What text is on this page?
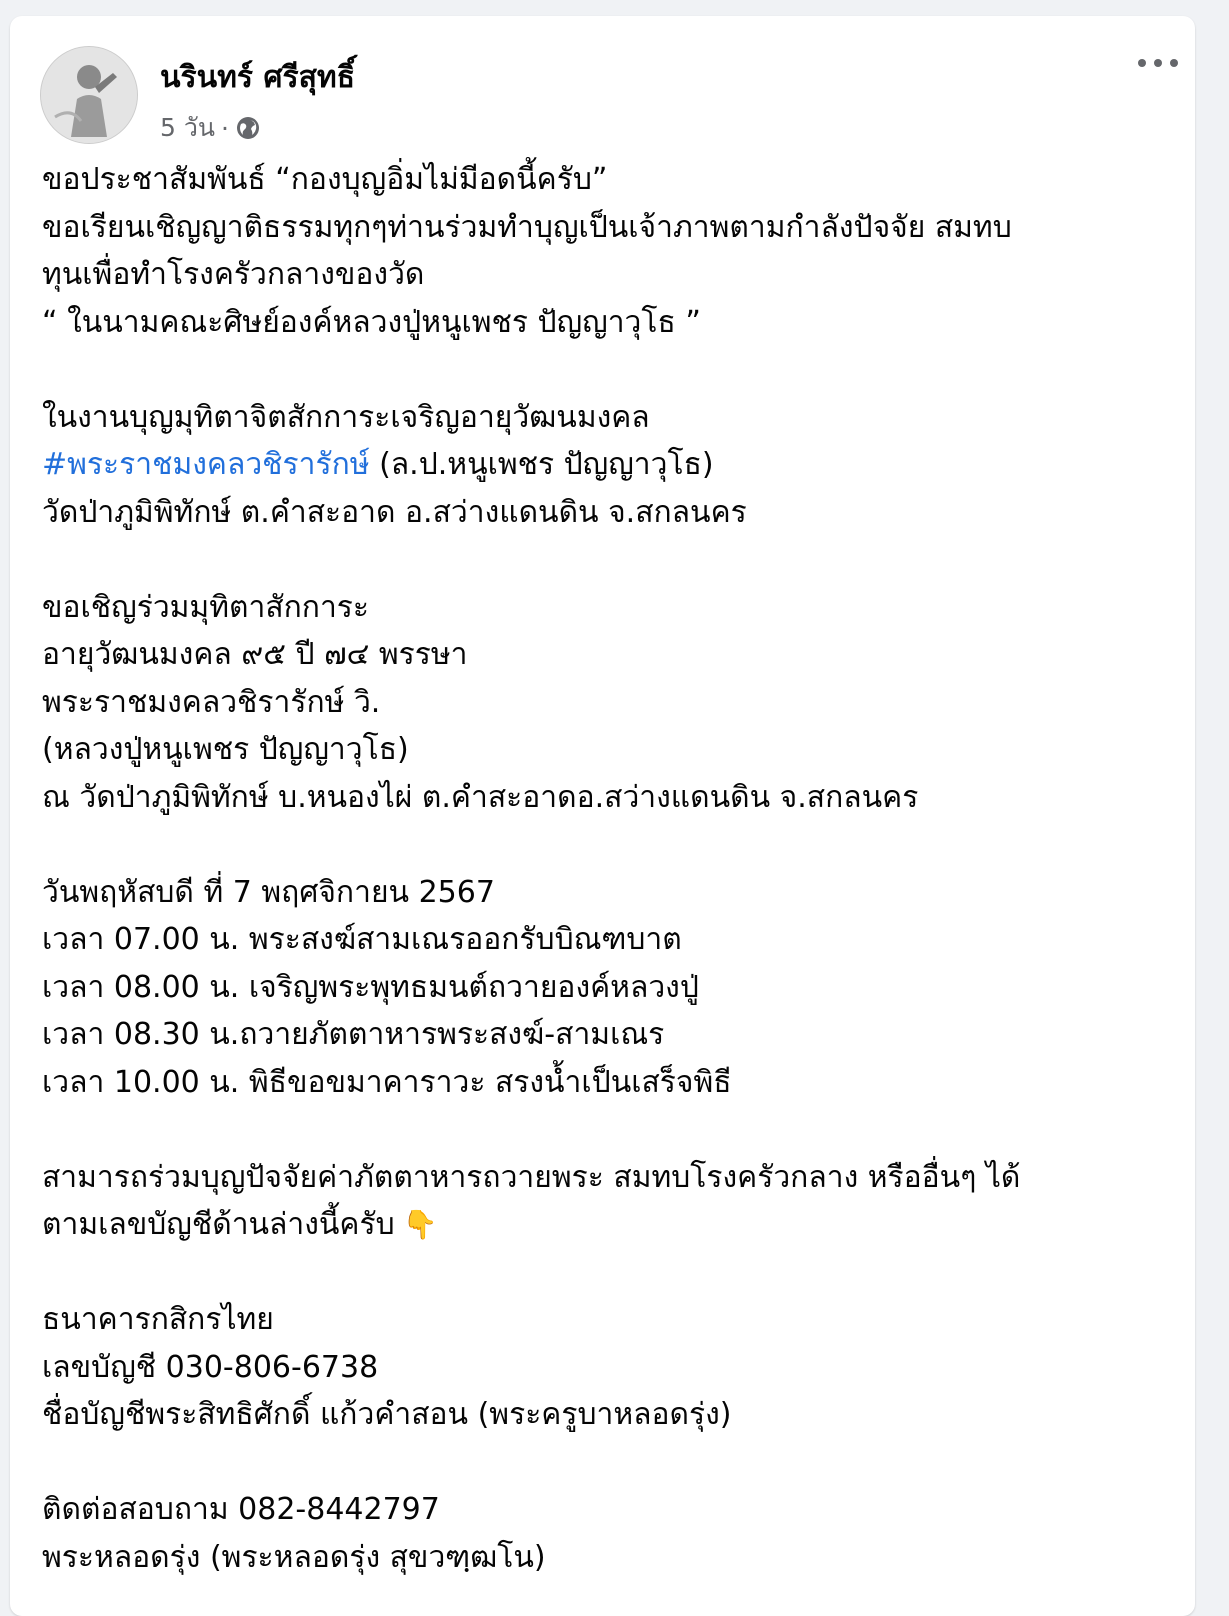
นรินทร์ ศรีสุทธิ์
5 วัน ·
ขอประชาสัมพันธ์ “กองบุญอิ่มไม่มีอดนี้ครับ”
ขอเรียนเชิญญาติธรรมทุกๆท่านร่วมทำบุญเป็นเจ้าภาพตามกำลังปัจจัย สมทบ
ทุนเพื่อทำโรงครัวกลางของวัด
“ ในนามคณะศิษย์องค์หลวงปู่หนูเพชร ปัญญาวุโธ ”
ในงานบุญมุทิตาจิตสักการะเจริญอายุวัฒนมงคล
#พระราชมงคลวชิรารักษ์ (ล.ป.หนูเพชร ปัญญาวุโธ)
วัดป่าภูมิพิทักษ์ ต.คำสะอาด อ.สว่างแดนดิน จ.สกลนคร
ขอเชิญร่วมมุทิตาสักการะ
อายุวัฒนมงคล ๙๕ ปี ๗๔ พรรษา
พระราชมงคลวชิรารักษ์ วิ.
(หลวงปู่หนูเพชร ปัญญาวุโธ)
ณ วัดป่าภูมิพิทักษ์ บ.หนองไผ่ ต.คำสะอาดอ.สว่างแดนดิน จ.สกลนคร
วันพฤหัสบดี ที่ 7 พฤศจิกายน 2567
เวลา 07.00 น. พระสงฆ์สามเณรออกรับบิณฑบาต
เวลา 08.00 น. เจริญพระพุทธมนต์ถวายองค์หลวงปู่
เวลา 08.30 น.ถวายภัตตาหารพระสงฆ์-สามเณร
เวลา 10.00 น. พิธีขอขมาคาราวะ สรงน้ำเป็นเสร็จพิธี
สามารถร่วมบุญปัจจัยค่าภัตตาหารถวายพระ สมทบโรงครัวกลาง หรืออื่นๆ ได้
ตามเลขบัญชีด้านล่างนี้ครับ 👇
ธนาคารกสิกรไทย
เลขบัญชี 030-806-6738
ชื่อบัญชีพระสิทธิศักดิ์ แก้วคำสอน (พระครูบาหลอดรุ่ง)
ติดต่อสอบถาม 082-8442797
พระหลอดรุ่ง (พระหลอดรุ่ง สุขวฑฺฒโน)
